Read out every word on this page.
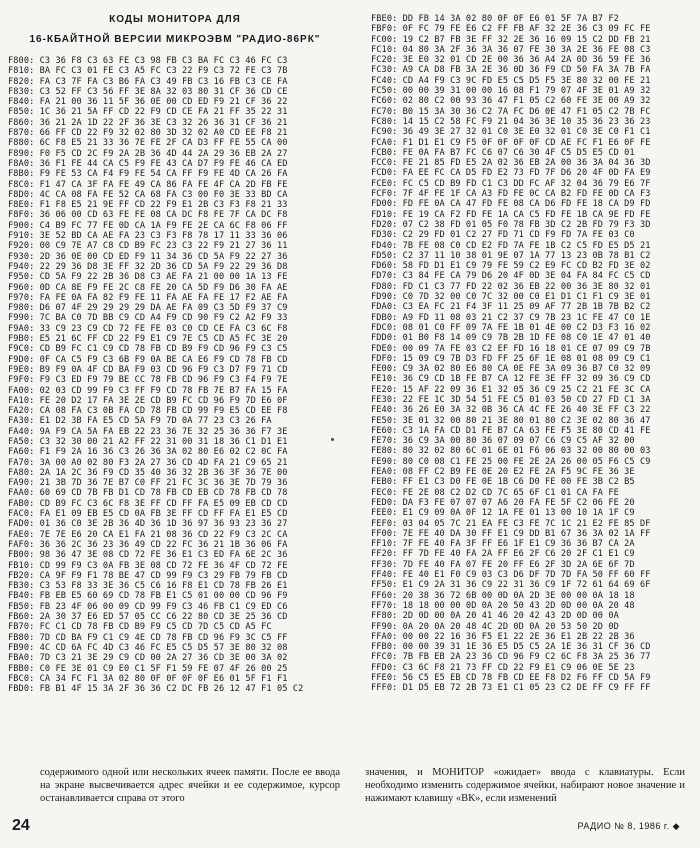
КОДЫ МОНИТОРА ДЛЯ
16-КБАЙТНОЙ ВЕРСИИ МИКРОЭВМ "РАДИО-86РК"
F800: C3 36 F8 C3 63 FE C3 98 FB C3 BA FC C3 46 FC C3
F810: BA FC C3 01 FE C3 A5 FC C3 22 F9 C3 72 FE C3 7B
F820: FA C3 7F FA C3 B6 FA C3 49 FB C3 16 FB C3 CE FA
F830: C3 52 FF C3 56 FF 3E 8A 32 03 80 31 CF 36 CD CE
F840: FA 21 00 36 11 5F 36 0E 00 CD ED F9 21 CF 36 22
F850: 1C 36 21 5A FF CD 22 F9 CD CE FA 21 FF 35 22 31
F860: 36 21 2A 1D 22 2F 36 3E C3 32 26 36 31 CF 36 21
F870: 66 FF CD 22 F9 32 02 80 3D 32 02 A0 CD EE F8 21
F880: 6C F8 E5 21 33 36 7E FE 2F CA D3 FF FE 55 CA 00
F890: F0 F5 CD 2C F9 2A 2B 36 4D 44 2A 29 36 EB 2A 27
F8A0: 36 F1 FE 44 CA C5 F9 FE 43 CA D7 F9 FE 46 CA ED
F8B0: F9 FE 53 CA F4 F9 FE 54 CA FF F9 FE 4D CA 26 FA
F8C0: F1 47 CA 3F FA FE 49 CA 86 FA FE 4F CA 2D FB FE
F8D0: 4C CA 08 FA FE 52 CA 68 FA C3 00 F0 3E 33 BD CA
F8E0: F1 F8 E5 21 9E FF CD 22 F9 E1 2B C3 F3 F8 21 33
F8F0: 36 06 00 CD 63 FE FE 08 CA DC F8 FE 7F CA DC F8
F900: C4 B9 FC 77 FE 0D CA 1A F9 FE 2E CA 6C F8 06 FF
F910: 3E 52 BD CA AE FA 23 C3 F3 F8 78 17 11 33 36 06
F920: 00 C9 7E A7 C8 CD B9 FC 23 C3 22 F9 21 27 36 11
F930: 2D 36 0E 00 CD ED F9 11 34 36 CD 5A F9 22 27 36
F940: 22 29 36 D8 3E FF 32 2D 36 CD 5A F9 22 29 36 D8
F950: CD 5A F9 22 2B 36 D8 C3 AE FA 21 00 00 1A 13 FE
F960: 0D CA 8E F9 FE 2C C8 FE 20 CA 5D F9 D6 30 FA AE
F970: FA FE 0A FA 82 F9 FE 11 FA AE FA FE 17 F2 AE FA
F980: D6 07 4F 29 29 29 29 DA AE FA 09 C3 5D F9 37 C9
F990: 7C BA C0 7D BB C9 CD A4 F9 CD 90 F9 C2 A2 F9 33
F9A0: 33 C9 23 C9 CD 72 FE FE 03 C0 CD CE FA C3 6C F8
F9B0: E5 21 6C FF CD 22 F9 E1 C9 7E C5 CD A5 FC 3E 20
F9C0: CD B9 FC C1 C9 CD 78 FB CD B9 F9 CD 96 F9 C3 C5
F9D0: 0F CA C5 F9 C3 6B F9 0A BE CA E6 F9 CD 78 FB CD
F9E0: B9 F9 0A 4F CD BA F9 03 CD 96 F9 C3 D7 F9 71 CD
F9F0: F9 C3 ED F9 79 BE CC 78 FB CD 96 F9 C3 F4 F9 7E
FA00: 02 03 CD 99 F9 C3 FF F9 CD 78 FB 7E B7 FA 15 FA
FA10: FE 20 D2 17 FA 3E 2E CD B9 FC CD 96 F9 7D E6 0F
FA20: CA 08 FA C3 0B FA CD 78 FB CD 99 F9 E5 CD EE F8
FA30: E1 D2 3B FA E5 CD 5A F9 7D 0A 77 23 C3 26 FA
FA40: 9A F9 CA 5A FA EB 22 23 36 7E 32 25 36 36 F7 3E
FA50: C3 32 30 00 21 A2 FF 22 31 00 31 18 36 C1 D1 E1
FA60: F1 F9 2A 16 36 C3 26 36 3A 02 80 E6 02 C2 0C FA
FA70: 3A 00 A0 02 80 F3 2A 27 36 CD 4D FA 21 C9 65 21
FA80: 2A 1A 2C 36 F9 CD 35 40 36 32 2B 36 3F 36 7E 00
FA90: 21 3B 7D 36 7E B7 C0 FF 21 FC 3C 36 3E 7D 79 36
FAA0: 60 69 CD 7B FB D1 CD 78 FB CD EB CD 78 FB CD 78
FAB0: CD B9 FC C3 6C F8 3E FF CD FF FA E5 09 EB CD CD
FAC0: FA E1 09 EB E5 CD 0A FB 3E FF CD FF FA E1 E5 CD
FAD0: 01 36 C0 3E 2B 36 4D 36 1D 36 97 36 93 23 36 27
FAE0: 7E 7E E6 20 CA E1 FA 21 08 36 CD 22 F9 C3 2C CA
FAF0: 36 36 2C 36 23 36 49 CD 22 FC 36 21 1B 36 06 FA
FB00: 98 36 47 3E 08 CD 72 FE 36 E1 C3 ED FA 6E 2C 36
FB10: CD 99 F9 C3 0A FB 3E 08 CD 72 FE 36 4F CD 72 FE
FB20: CA 9F F9 F1 78 BE 47 CD 99 F9 C3 29 FB 79 FB CD
FB30: C3 53 F8 33 3E 36 C5 C6 16 F8 E1 CD 78 FB 26 E1
FB40: FB EB E5 60 69 CD 78 FB E1 C5 01 00 00 CD 96 F9
FB50: FB 23 4F 06 00 09 CD 99 F9 C3 46 FB C1 C9 ED C6
FB60: 2A 30 37 E6 ED 57 05 CC C6 22 80 CD 3E 25 36 CD
FB70: FC C1 CD 78 FB CD B9 F9 C5 CD 7D C5 CD A5 FC
FB80: 7D CD BA F9 C1 C9 4E CD 78 FB CD 96 F9 3C C5 FF
FB90: 4C CD 6A FC 4D C3 46 FC E5 C5 D5 57 3E 80 32 08
FBA0: 7D C3 21 3E 29 C9 CD 00 2A 27 36 CD 3E 00 3A 02
FBB0: C0 FE 3E 01 C9 E0 C1 5F F1 59 FE 07 4F 26 00 25
FBC0: CA 34 FC F1 3A 02 80 0F 0F 0F 0F E6 01 5F F1 F1
FBD0: FB B1 4F 15 3A 2F 36 36 C2 DC FB 26 12 47 F1 05 C2
FBE0: DD FB 14 3A 02 80 0F 0F E6 01 5F 7A B7 F2
FBF0: 0F FC 79 FE E6 C2 FF FB AF 32 2E 36 C3 09 FC FE
FC00: 19 C2 B7 FB 3E FF 32 2E 36 16 09 15 C2 DD FB 21
FC10: 04 80 3A 2F 36 3A 36 07 FE 30 3A 2E 36 FE 08 C3
FC20: 3E E0 32 01 CD 2E 00 36 36 A4 2A 0D 36 59 FE 36
FC30: A9 CA D8 FB 3A 2E 36 0D 36 F9 CD 50 FA 3A 7B FA
FC40: CD A4 F9 C3 9C FD E5 C5 D5 F5 3E 80 32 00 FE 21
FC50: 00 00 39 31 00 00 16 08 F1 79 07 4F 3E 01 A9 32
FC60: 02 80 C2 00 93 36 47 F1 05 C2 60 FE 3E 00 A9 32
FC70: B0 15 3A 30 36 C2 7A FC D6 0E 47 F1 05 C2 7B FC
FC80: 14 15 C2 58 FC F9 21 04 36 3E 10 35 36 23 36 23
FC90: 36 49 3E 27 32 01 C0 3E E0 32 01 C0 3E C0 F1 C1
FCA0: F1 D1 E1 C9 F5 0F 0F 0F 0F CD AE FC F1 E6 0F FE
FCB0: FE 0A FA B7 FC C6 07 C6 30 4F C5 D5 E5 CD 01
FCC0: FE 21 85 FD E5 2A 02 36 EB 2A 00 36 3A 04 36 3D
FCD0: FA EE FC CA D5 FD E2 73 FD 7F D6 20 4F 0D FA E9
FCE0: FC C5 CD B9 FD C1 C3 DD FC AF 32 04 36 79 E6 7F
FCF0: 7F 4F FE 1F CA A3 FD FE 0C CA B2 FD FE 0D CA F3
FD00: FD FE 0A CA 47 FD FE 08 CA D6 FD FE 18 CA D9 FD
FD10: FE 19 CA F2 FD FE 1A CA C5 FD FE 1B CA 9E FD FE
FD20: 07 C2 38 FD 01 05 F0 78 FB 3D C2 2B FD 79 F3 3D
FD30: C2 29 FD 01 C2 27 FD 71 CD F9 FD 7A FE 03 C0
FD40: 7B FE 08 C0 CD E2 FD 7A FE 1B C2 C5 FD E5 D5 21
FD50: C2 37 11 10 38 01 9E 07 1A 77 13 23 0B 78 B1 C2
FD60: 58 FD D1 E1 C9 79 FE 59 C2 E9 FC CD B2 FD 3E 02
FD70: C3 84 FE CA 79 D6 20 4F 0D 3E 04 FA 84 FC C5 CD
FD80: FD C1 C3 77 FD 22 02 36 EB 22 00 36 3E 80 32 01
FD90: C0 7D 32 00 C0 7C 32 00 C0 E1 D1 C1 F1 C9 3E 01
FDA0: C3 EA FC 21 F4 3F 11 25 09 AF 77 2B 1B 7B B2 C2
FDB0: A9 FD 11 08 03 21 C2 37 C9 7B 23 1C FE 47 C0 1E
FDC0: 08 01 C0 FF 09 7A FE 1B 01 4E 00 C2 D3 F3 16 02
FDD0: 01 B0 F8 14 09 C9 7B 2B 1D FE 08 C0 1E 47 01 40
FDE0: 00 09 7A FE 03 C2 EF FD 16 18 01 CE 07 09 C9 7B
FDF0: 15 09 C9 7B D3 FD FF 25 6F 1E 08 01 08 09 C9 C1
FE00: C9 3A 02 80 E6 80 CA 0E FE 3A 09 36 B7 C0 32 09
FE10: 36 C9 CD 1B FE B7 CA 12 FE 3E FF 32 09 36 C9 CD
FE20: 15 AF 22 09 36 E1 32 05 36 C9 25 C2 21 FE 3C CA
FE30: 22 FE 1C 3D 54 51 FE C5 01 03 50 CD 27 FD C1 3A
FE40: 36 26 E0 3A 32 0B 36 CA 4C FE 26 40 3E FF C3 22
FE50: 3E 01 32 00 80 21 3E 80 01 80 C2 3E 02 80 36 47
FE60: C3 1A FA CD D1 FE B7 CA 63 FE F5 3E 80 CD 41 FE
FE70: 36 C9 3A 00 80 36 07 09 07 C6 C9 C5 AF 32 00
FE80: 80 32 02 80 6C 01 6E 01 F6 06 03 32 00 80 00 03
FE90: 80 C0 08 C1 FE 25 00 FE 2E 2A 26 00 05 F6 C5 C9
FEA0: 08 FF C2 B9 FE 0E 20 E2 FE 2A F5 9C FE 36 3E
FEB0: FF E1 C3 D0 FE 0E 1B C6 D0 FE 00 FE 3B C2 B5
FEC0: FE 2E 08 C2 D2 CD 7C 65 6F C1 01 CA FA FE
FED0: DA F3 FE 07 07 07 A6 20 FA FE 5F C2 06 FE 20
FEE0: E1 C9 09 0A 0F 12 1A FE 01 13 00 10 1A 1F C9
FEF0: 03 04 05 7C 21 EA FE C3 FE 7C 1C 21 E2 FE 85 DF
FF00: 7E FE 40 DA 30 FF E1 C9 DD B1 67 36 3A 02 1A FF
FF10: 7F FE 40 FA 3F FF E6 1F E1 C9 36 36 B7 CA 2A
FF20: FF 7D FE 40 FA 2A FF E6 2F C6 20 2F C1 E1 C9
FF30: 7D FE 40 FA 07 FE 20 FF E6 2F 3D 2A 6E 6F 7D
FF40: FE 40 E1 F0 C9 03 C3 D6 DF 7D 7D FA 50 FF 60 FF
FF50: E1 C9 2A 31 36 C9 22 31 36 C9 1F 72 61 64 69 6F
FF60: 20 38 36 72 6B 00 0D 0A 2D 3E 00 00 0A 18 18
FF70: 18 18 00 00 0D 0A 20 50 43 2D 0D 00 0A 20 48
FF80: 2D 0D 00 0A 20 41 46 20 42 43 2D 0D 00 0A
FF90: 0A 20 0A 20 48 4C 2D 0D 0A 20 53 50 2D 0D
FFA0: 00 00 22 16 36 F5 E1 22 2E 36 E1 2B 22 2B 36
FFB0: 00 00 39 31 1E 36 E5 D5 C5 2A 1E 36 31 CF 36 CD
FFC0: 7B FB EB 2A 23 36 CD 96 F9 C2 6C F8 3A 25 36 77
FFD0: C3 6C F8 21 73 FF CD 22 F9 E1 C9 06 0E 5E 23
FFE0: 56 C5 E5 EB CD 78 FB CD EE F8 D2 F6 FF CD 5A F9
FFF0: D1 D5 EB 72 2B 73 E1 C1 05 23 C2 DE FF C9 FF FF
содержимого одной или нескольких ячеек памяти. После ее ввода на экране высвечивается адрес ячейки и ее содержимое, курсор останавливается справа от этого
значения, и МОНИТОР «ожидает» ввода с клавиатуры. Если необходимо изменить содержимое ячейки, набирают новое значение и нажимают клавишу «ВК», если изменений
24	РАДИО № 8, 1986 г. ◆
